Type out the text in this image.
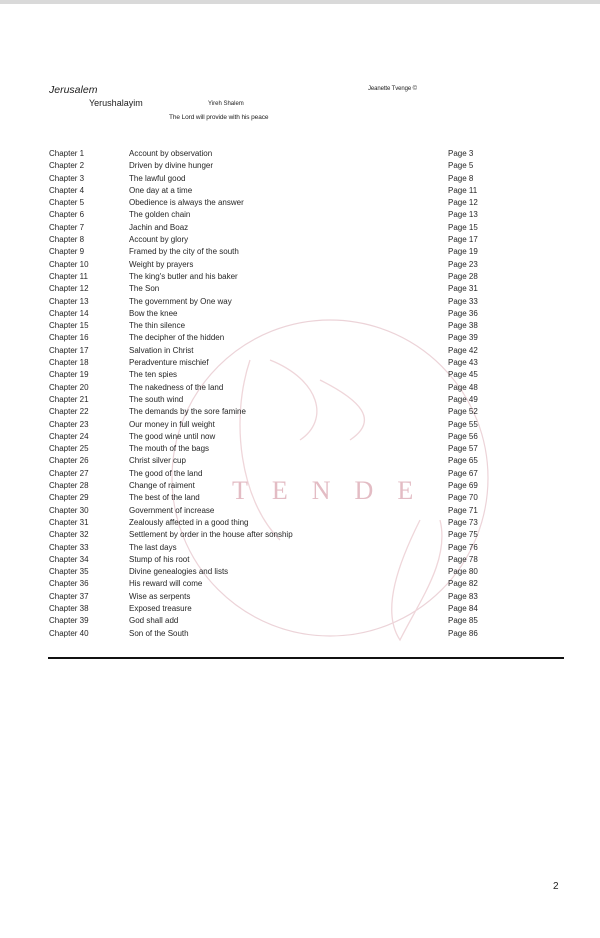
Jerusalem	Jeanette Tvenge ©
Yerushalayim	Yireh Shalem
The Lord will provide with his peace
TENDE
Chapter 1	Account by observation	Page 3
Chapter 2	Driven by divine hunger	Page 5
Chapter 3	The lawful good	Page 8
Chapter 4	One day at a time	Page 11
Chapter 5	Obedience is always the answer	Page 12
Chapter 6	The golden chain	Page 13
Chapter 7	Jachin and Boaz	Page 15
Chapter 8	Account by glory	Page 17
Chapter 9	Framed by the city of the south	Page 19
Chapter 10	Weight by prayers	Page 23
Chapter 11	The king's butler and his baker	Page 28
Chapter 12	The Son	Page 31
Chapter 13	The government by One way	Page 33
Chapter 14	Bow the knee	Page 36
Chapter 15	The thin silence	Page 38
Chapter 16	The decipher of the hidden	Page 39
Chapter 17	Salvation in Christ	Page 42
Chapter 18	Peradventure mischief	Page 43
Chapter 19	The ten spies	Page 45
Chapter 20	The nakedness of the land	Page 48
Chapter 21	The south wind	Page 49
Chapter 22	The demands by the sore famine	Page 52
Chapter 23	Our money in full weight	Page 55
Chapter 24	The good wine until now	Page 56
Chapter 25	The mouth of the bags	Page 57
Chapter 26	Christ silver cup	Page 65
Chapter 27	The good of the land	Page 67
Chapter 28	Change of raiment	Page 69
Chapter 29	The best of the land	Page 70
Chapter 30	Government of increase	Page 71
Chapter 31	Zealously affected in a good thing	Page 73
Chapter 32	Settlement by order in the house after sonship	Page 75
Chapter 33	The last days	Page 76
Chapter 34	Stump of his root	Page 78
Chapter 35	Divine genealogies and lists	Page 80
Chapter 36	His reward will come	Page 82
Chapter 37	Wise as serpents	Page 83
Chapter 38	Exposed treasure	Page 84
Chapter 39	God shall add	Page 85
Chapter 40	Son of the South	Page 86
2
